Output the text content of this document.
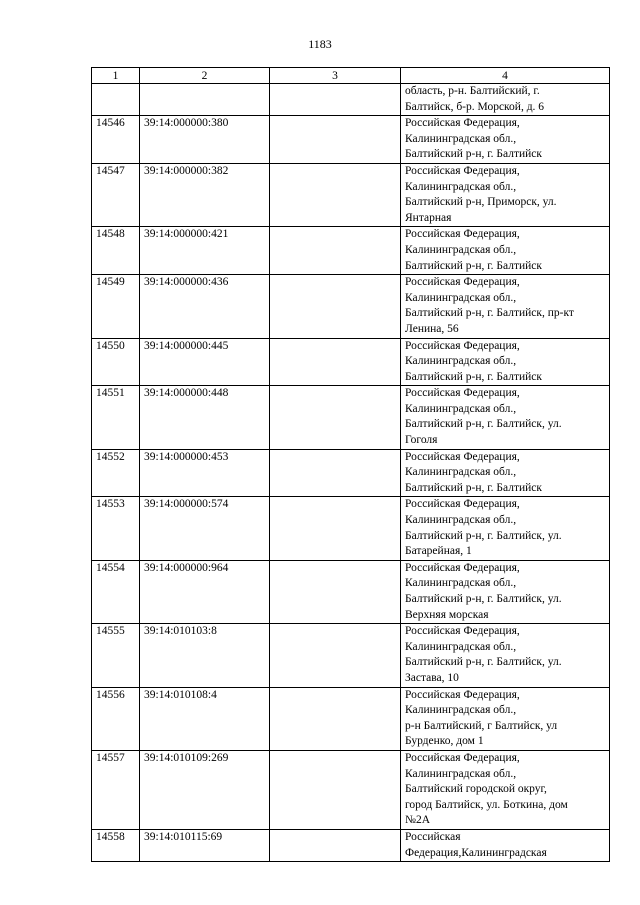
1183
1	2	3	4

			область, р-н. Балтийский, г.
Балтийск, б-р. Морской, д. 6

14546	39:14:000000:380		Российская Федерация,
Калининградская обл.,
Балтийский р-н, г. Балтийск

14547	39:14:000000:382		Российская Федерация,
Калининградская обл.,
Балтийский р-н, Приморск, ул.
Янтарная

14548	39:14:000000:421		Российская Федерация,
Калининградская обл.,
Балтийский р-н, г. Балтийск

14549	39:14:000000:436		Российская Федерация,
Калининградская обл.,
Балтийский р-н, г. Балтийск, пр-кт
Ленина, 56

14550	39:14:000000:445		Российская Федерация,
Калининградская обл.,
Балтийский р-н, г. Балтийск

14551	39:14:000000:448		Российская Федерация,
Калининградская обл.,
Балтийский р-н, г. Балтийск, ул.
Гоголя

14552	39:14:000000:453		Российская Федерация,
Калининградская обл.,
Балтийский р-н, г. Балтийск

14553	39:14:000000:574		Российская Федерация,
Калининградская обл.,
Балтийский р-н, г. Балтийск, ул.
Батарейная, 1

14554	39:14:000000:964		Российская Федерация,
Калининградская обл.,
Балтийский р-н, г. Балтийск, ул.
Верхняя морская

14555	39:14:010103:8		Российская Федерация,
Калининградская обл.,
Балтийский р-н, г. Балтийск, ул.
Застава, 10

14556	39:14:010108:4		Российская Федерация,
Калининградская обл.,
р-н Балтийский, г Балтийск, ул
Бурденко, дом 1

14557	39:14:010109:269		Российская Федерация,
Калининградская обл.,
Балтийский городской округ,
город Балтийск, ул. Боткина, дом
№2А

14558	39:14:010115:69		Российская
Федерация,Калининградская
